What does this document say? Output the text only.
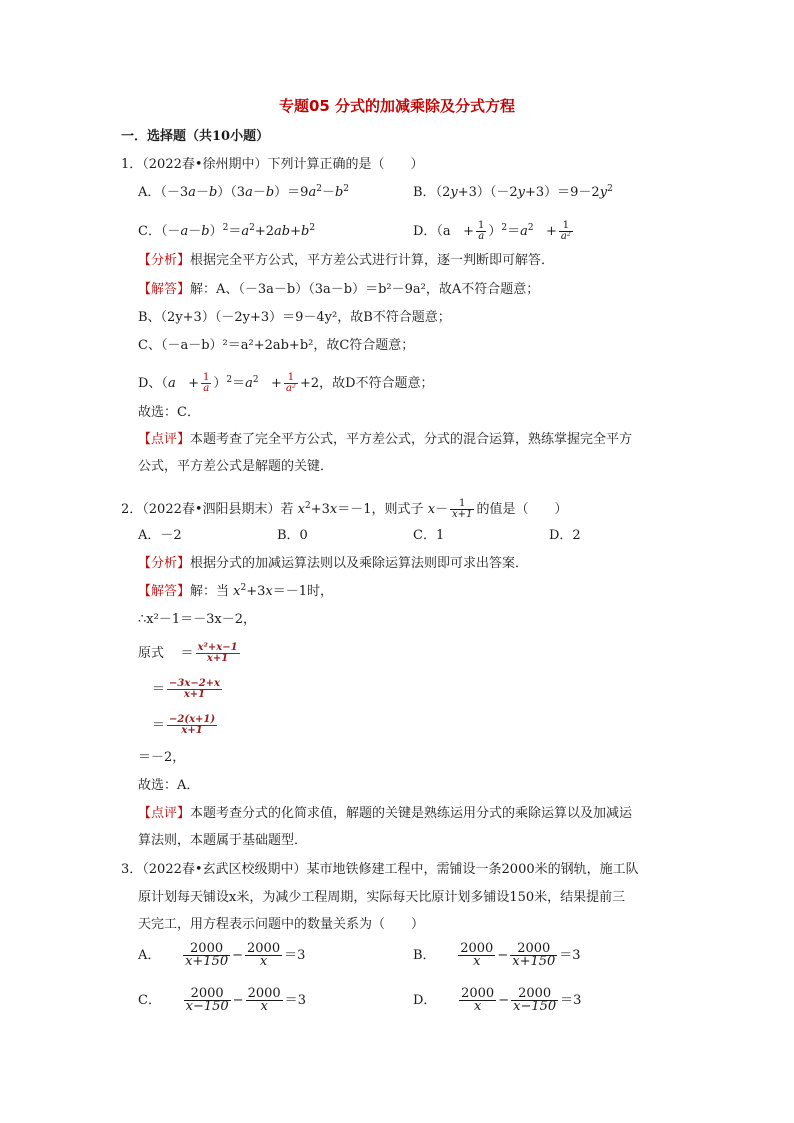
专题05 分式的加减乘除及分式方程
一．选择题（共10小题）
1．（2022春•徐州期中）下列计算正确的是（　　）
A．$(-3a-b)(3a-b)=9a^2-b^2$	B．$(2y+3)(-2y+3)=9-2y^2$
C．$(-a-b)^2=a^2+2ab+b^2$	D．$(a + \frac{1}{a} )^2=a^2 + \frac{1}{\text{a²}}$
【分析】根据完全平方公式，平方差公式进行计算，逐一判断即可解答．
【解答】解：A、（－3a－b）（3a－b）＝b²－9a²，故A不符合题意；
B、（2y+3）（－2y+3）＝9－4y²，故B不符合题意；
C、（－a－b）²＝a²+2ab+b²，故C符合题意；
D、$(a + \frac{1}{a} )^2=a^2 + \frac{1}{\text{a²}} +2$，故D不符合题意；
故选：C．
【点评】本题考查了完全平方公式，平方差公式，分式的混合运算，熟练掌握完全平方
公式，平方差公式是解题的关键．
2．（2022春•泗阳县期末）若 $x^2+3x=-1$，则式子 $x- \frac{1}{x+1}$ 的值是（　　）
A．－2	B．0	C．1	D．2
【分析】根据分式的加减运算法则以及乘除运算法则即可求出答案．
【解答】解：当 $x^2+3x=-1$时，
∴x²－1＝－3x－2，
原式    ＝ $\frac{\text{x²+x−1}}{x+1}$
＝ $\frac{-3x-2+x}{x+1}$
＝ $\frac{-2(x+1)}{x+1}$
＝－2，
故选：A．
【点评】本题考查分式的化简求值，解题的关键是熟练运用分式的乘除运算以及加减运
算法则，本题属于基础题型．
3．（2022春•玄武区校级期中）某市地铁修建工程中，需铺设一条2000米的钢轨，施工队
原计划每天铺设x米，为减少工程周期，实际每天比原计划多铺设150米，结果提前三
天完工，用方程表示问题中的数量关系为（　　）
A． $\frac{2000}{x+150} - \frac{2000}{x} =3$	B． $\frac{2000}{x} - \frac{2000}{x+150} =3$
C． $\frac{2000}{x-150} - \frac{2000}{x} =3$	D． $\frac{2000}{x} - \frac{2000}{x-150} =3$
